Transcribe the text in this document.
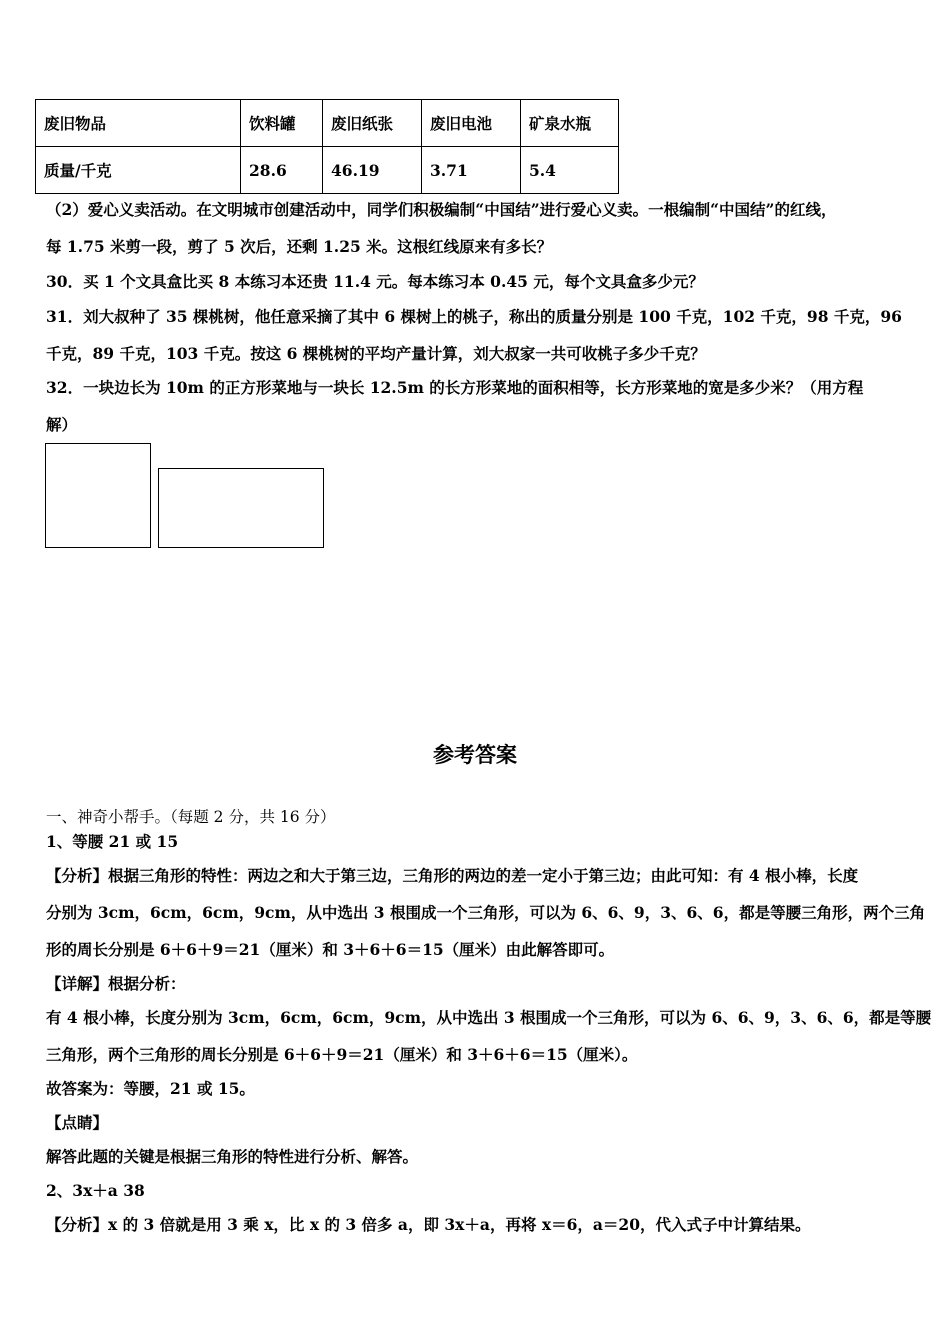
废旧物品	饮料罐	废旧纸张	废旧电池	矿泉水瓶
质量/千克	28.6	46.19	3.71	5.4
（2）爱心义卖活动。在文明城市创建活动中，同学们积极编制“中国结”进行爱心义卖。一根编制“中国结”的红线，
每 1.75 米剪一段，剪了 5 次后，还剩 1.25 米。这根红线原来有多长？
30．买 1 个文具盒比买 8 本练习本还贵 11.4 元。每本练习本 0.45 元，每个文具盒多少元？
31．刘大叔种了 35 棵桃树，他任意采摘了其中 6 棵树上的桃子，称出的质量分别是 100 千克，102 千克，98 千克，96
千克，89 千克，103 千克。按这 6 棵桃树的平均产量计算，刘大叔家一共可收桃子多少千克？
32．一块边长为 10m 的正方形菜地与一块长 12.5m 的长方形菜地的面积相等，长方形菜地的宽是多少米？（用方程
解）
参考答案
一、神奇小帮手。（每题 2 分，共 16 分）
1、等腰 21 或 15
【分析】根据三角形的特性：两边之和大于第三边，三角形的两边的差一定小于第三边；由此可知：有 4 根小棒，长度
分别为 3cm，6cm，6cm，9cm，从中选出 3 根围成一个三角形，可以为 6、6、9，3、6、6，都是等腰三角形，两个三角
形的周长分别是 6＋6＋9＝21（厘米）和 3＋6＋6＝15（厘米）由此解答即可。
【详解】根据分析：
有 4 根小棒，长度分别为 3cm，6cm，6cm，9cm，从中选出 3 根围成一个三角形，可以为 6、6、9，3、6、6，都是等腰
三角形，两个三角形的周长分别是 6＋6＋9＝21（厘米）和 3＋6＋6＝15（厘米）。
故答案为：等腰，21 或 15。
【点睛】
解答此题的关键是根据三角形的特性进行分析、解答。
2、3x＋a 38
【分析】x 的 3 倍就是用 3 乘 x，比 x 的 3 倍多 a，即 3x＋a，再将 x＝6，a＝20，代入式子中计算结果。
